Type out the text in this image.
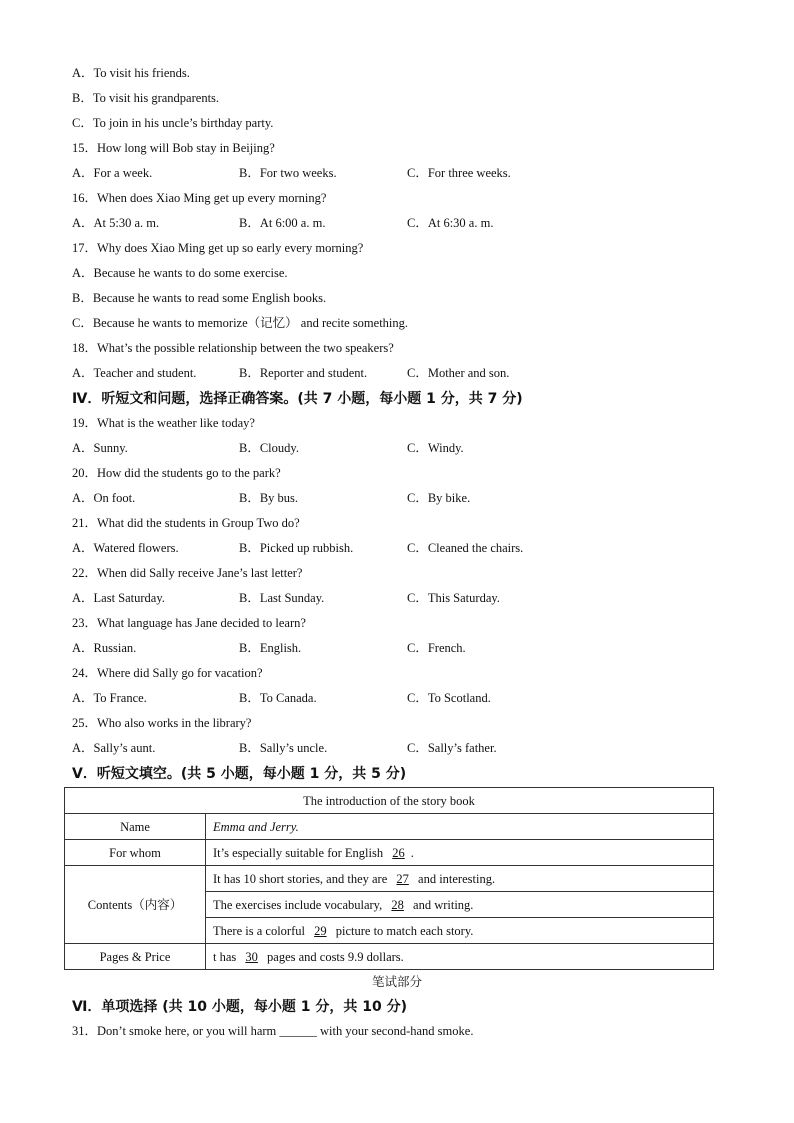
A．To visit his friends.
B．To visit his grandparents.
C．To join in his uncle’s birthday party.
15．How long will Bob stay in Beijing?
A．For a week.	B．For two weeks.	C．For three weeks.
16．When does Xiao Ming get up every morning?
A．At 5:30 a. m.	B．At 6:00 a. m.	C．At 6:30 a. m.
17．Why does Xiao Ming get up so early every morning?
A．Because he wants to do some exercise.
B．Because he wants to read some English books.
C．Because he wants to memorize（记忆） and recite something.
18．What’s the possible relationship between the two speakers?
A．Teacher and student.	B．Reporter and student.	C．Mother and son.
Ⅳ．听短文和问题，选择正确答案。(共 7 小题，每小题 1 分，共 7 分)
19．What is the weather like today?
A．Sunny.	B．Cloudy.	C．Windy.
20．How did the students go to the park?
A．On foot.	B．By bus.	C．By bike.
21．What did the students in Group Two do?
A．Watered flowers.	B．Picked up rubbish.	C．Cleaned the chairs.
22．When did Sally receive Jane’s last letter?
A．Last Saturday.	B．Last Sunday.	C．This Saturday.
23．What language has Jane decided to learn?
A．Russian.	B．English.	C．French.
24．Where did Sally go for vacation?
A．To France.	B．To Canada.	C．To Scotland.
25．Who also works in the library?
A．Sally’s aunt.	B．Sally’s uncle.	C．Sally’s father.
Ⅴ．听短文填空。(共 5 小题，每小题 1 分，共 5 分)
The introduction of the story book	
Name	Emma and Jerry.
For whom	It’s especially suitable for English 26 .
Contents（内容）	It has 10 short stories, and they are 27 and interesting.
	The exercises include vocabulary, 28 and writing.
	There is a colorful 29 picture to match each story.
Pages & Price	t has 30 pages and costs 9.9 dollars.
笔试部分
Ⅵ．单项选择 (共 10 小题，每小题 1 分，共 10 分)
31．Don’t smoke here, or you will harm ______ with your second-hand smoke.
